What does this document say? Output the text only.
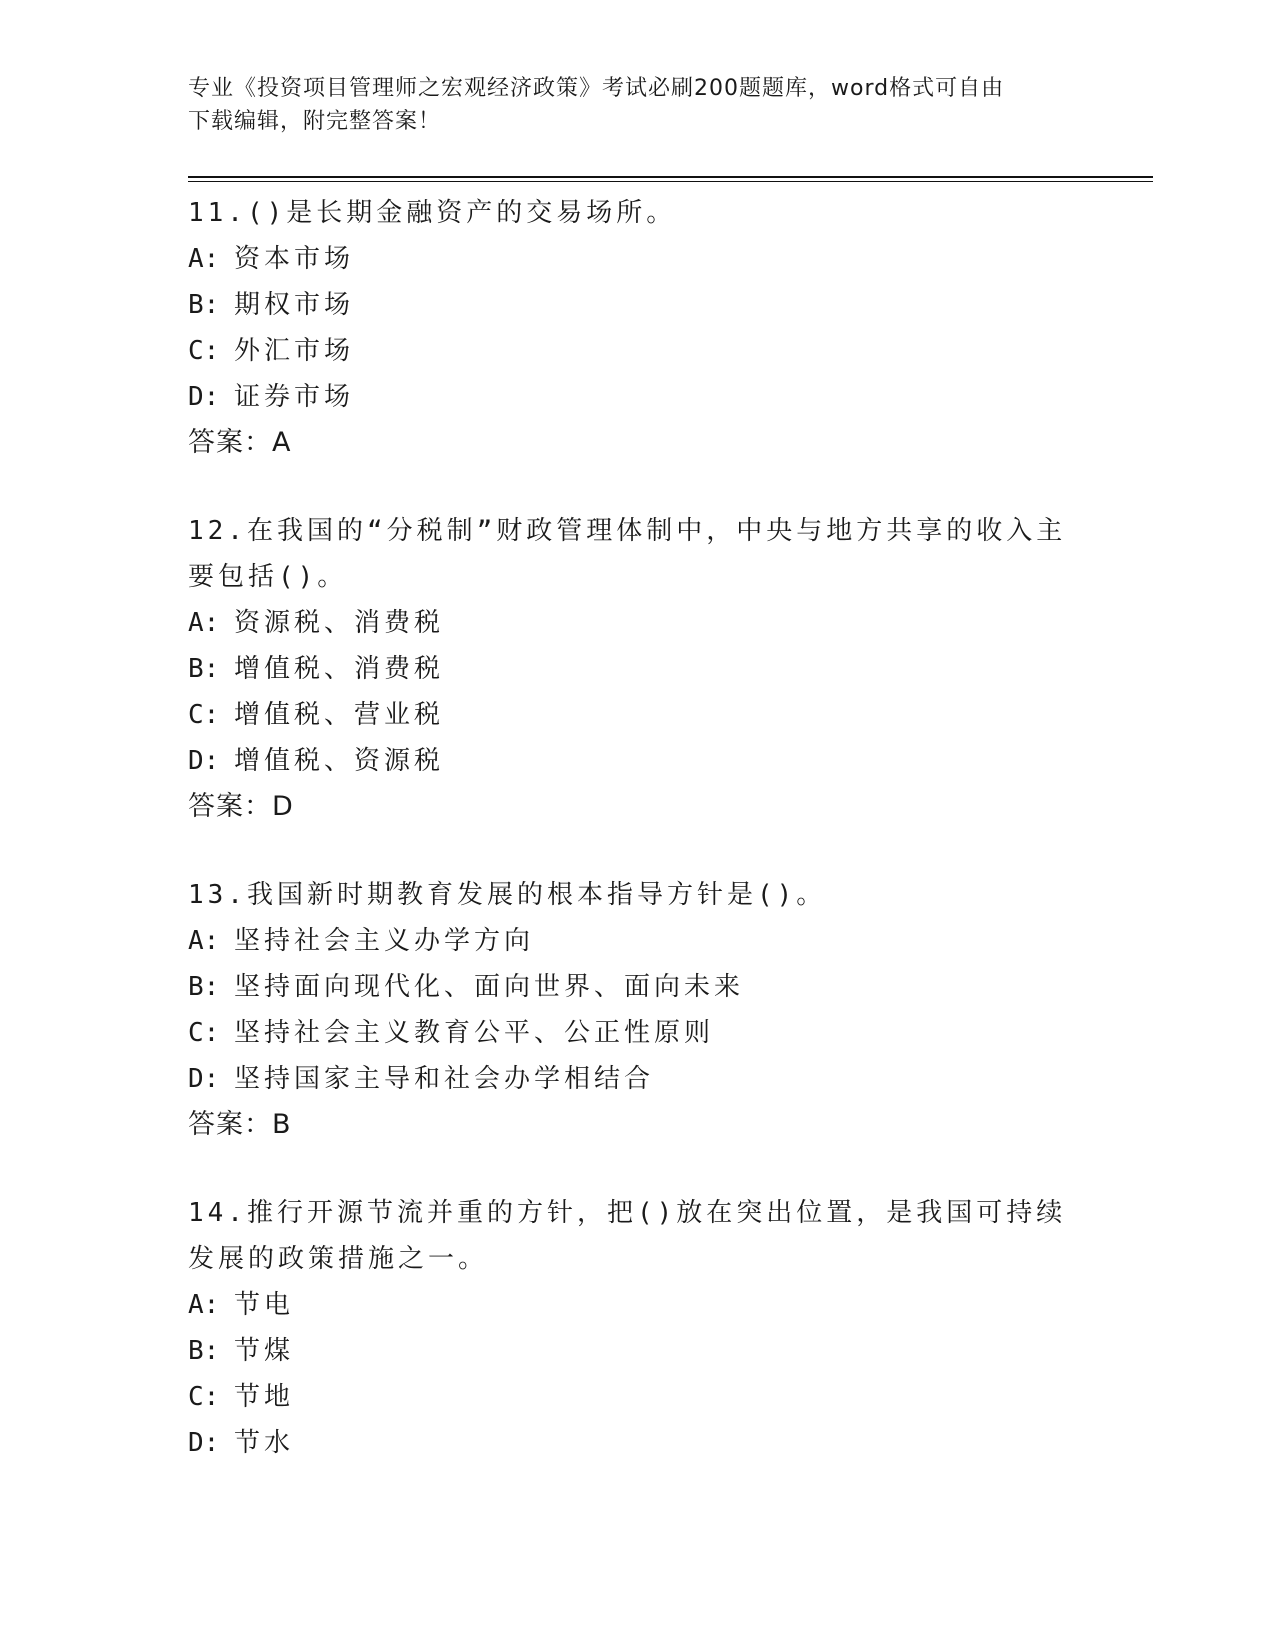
专业《投资项目管理师之宏观经济政策》考试必刷200题题库，word格式可自由
下载编辑，附完整答案！
11.()是长期金融资产的交易场所。
A: 资本市场
B: 期权市场
C: 外汇市场
D: 证券市场
答案：A
12.在我国的“分税制”财政管理体制中，中央与地方共享的收入主要包括()。
A: 资源税、消费税
B: 增值税、消费税
C: 增值税、营业税
D: 增值税、资源税
答案：D
13.我国新时期教育发展的根本指导方针是()。
A: 坚持社会主义办学方向
B: 坚持面向现代化、面向世界、面向未来
C: 坚持社会主义教育公平、公正性原则
D: 坚持国家主导和社会办学相结合
答案：B
14.推行开源节流并重的方针，把()放在突出位置，是我国可持续发展的政策措施之一。
A: 节电
B: 节煤
C: 节地
D: 节水
